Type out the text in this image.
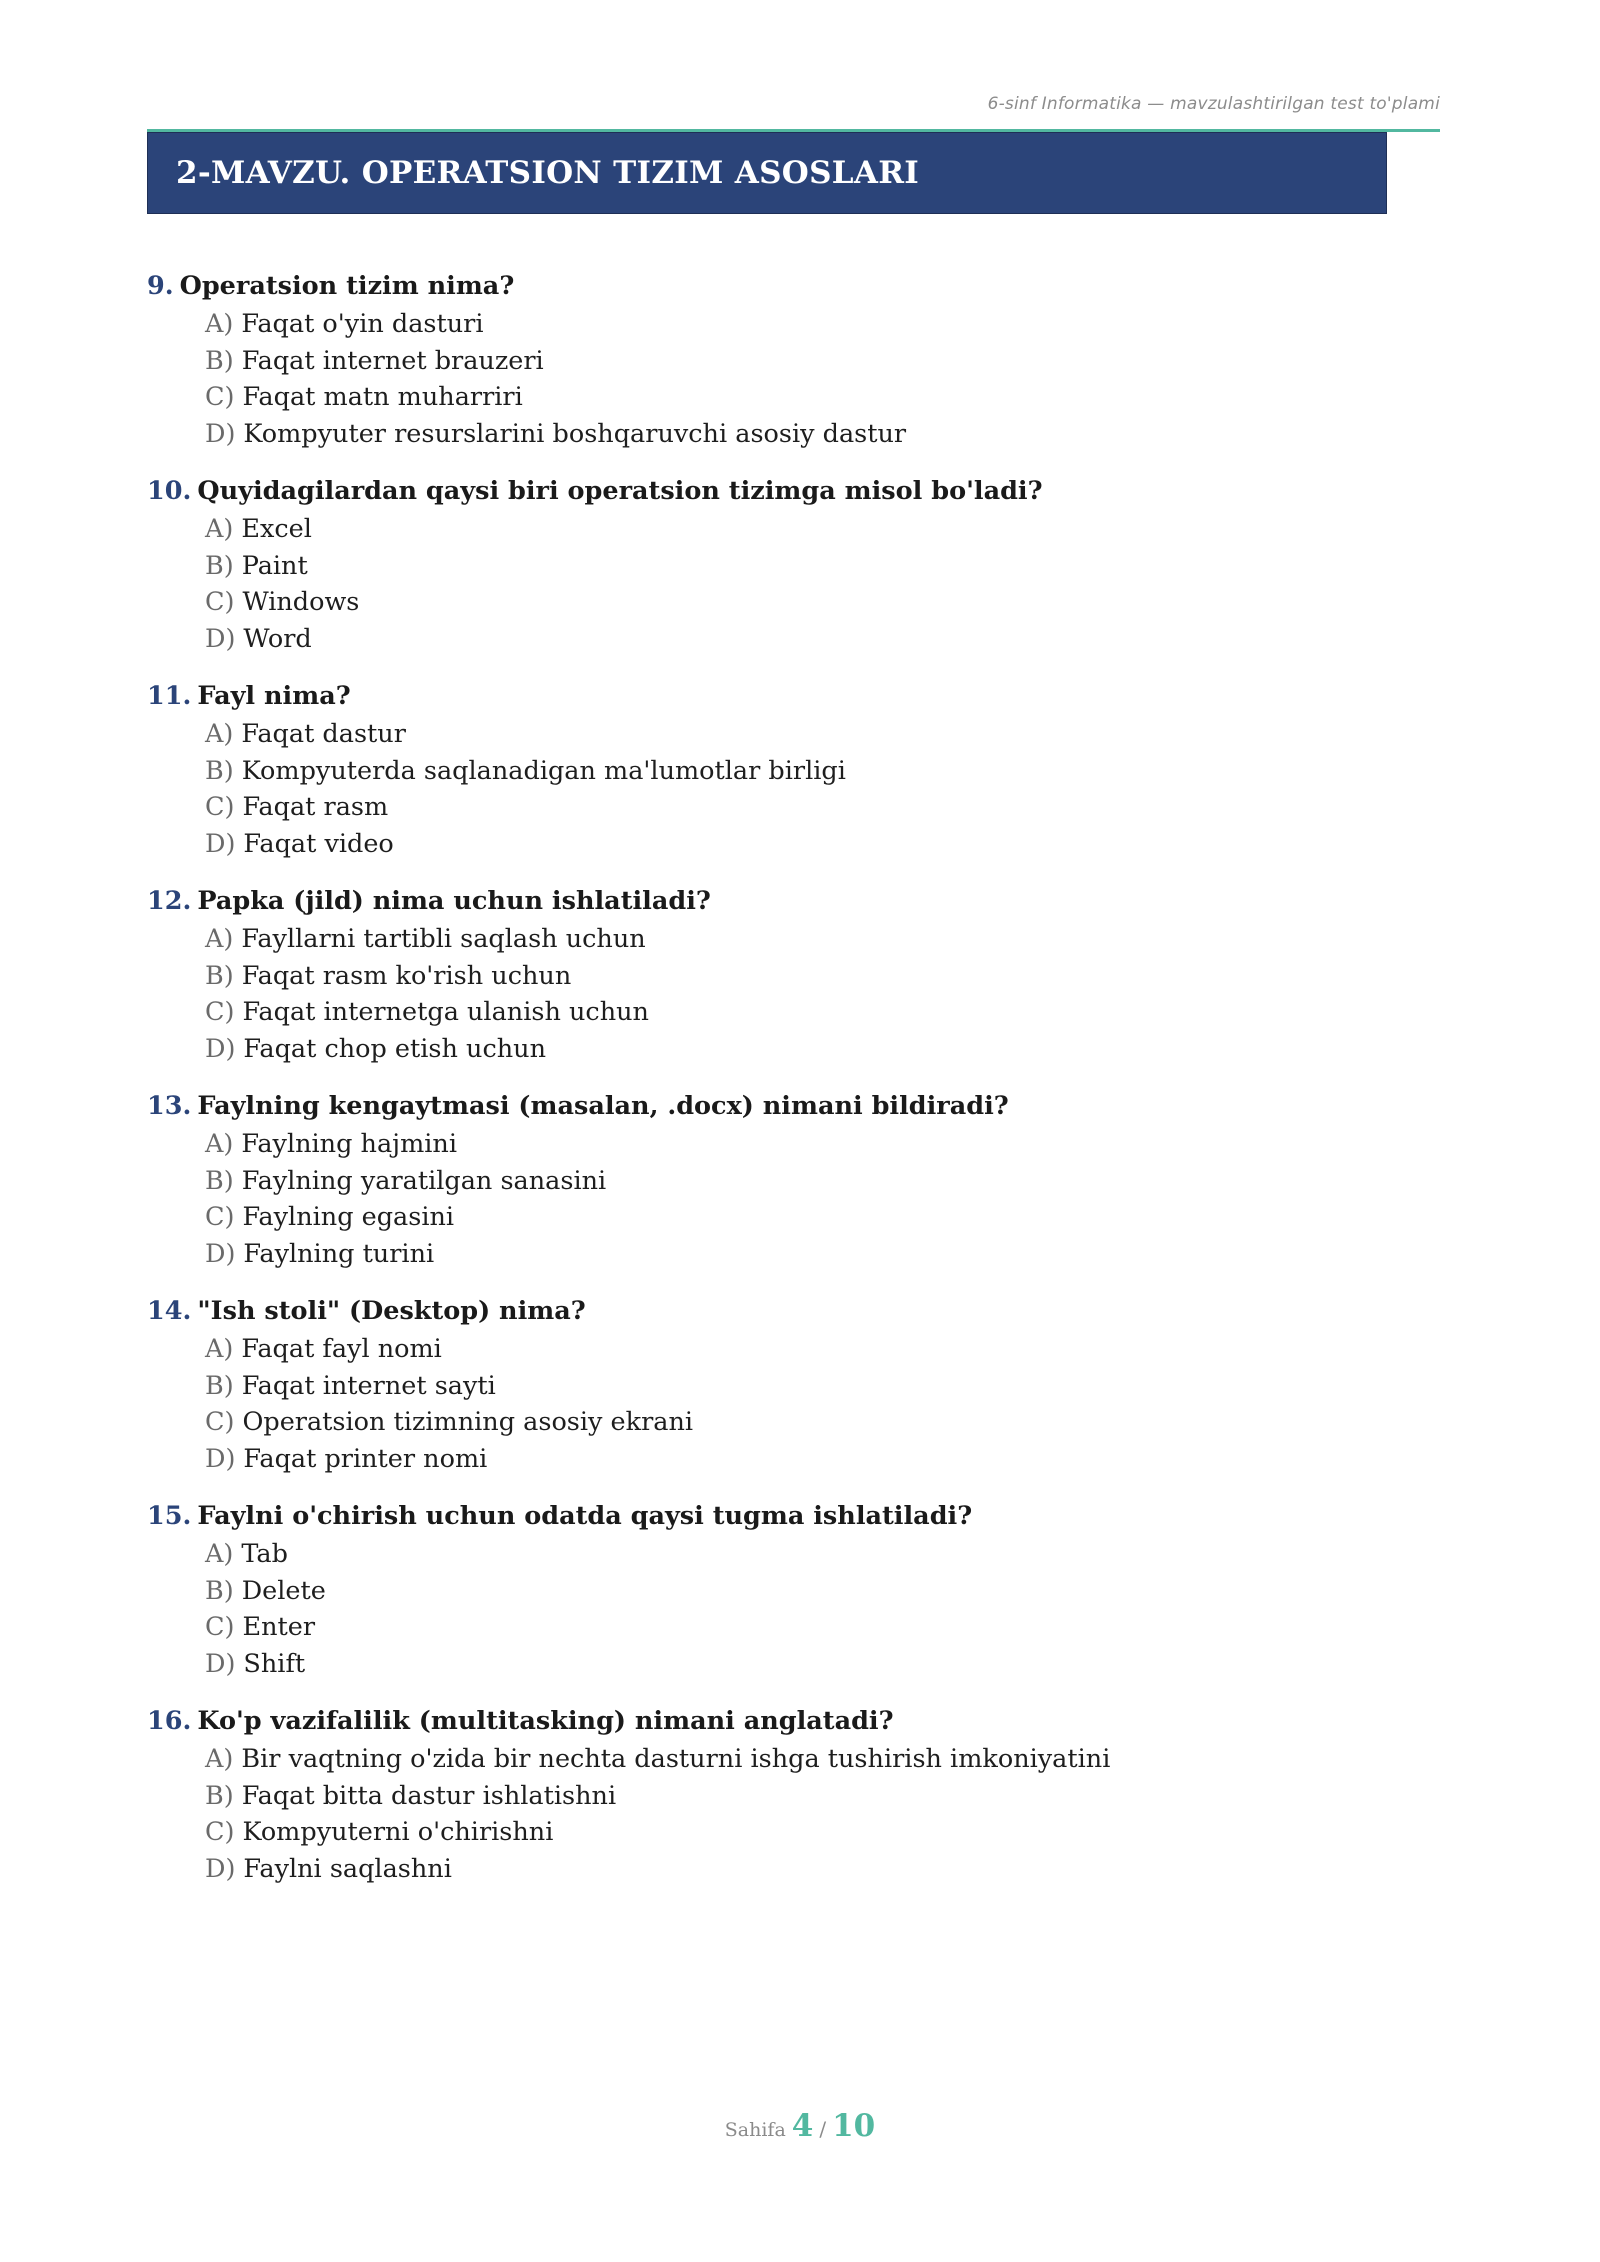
6-sinf Informatika — mavzulashtirilgan test to'plami
2-MAVZU. OPERATSION TIZIM ASOSLARI
9. Operatsion tizim nima?
A) Faqat o'yin dasturi
B) Faqat internet brauzeri
C) Faqat matn muharriri
D) Kompyuter resurslarini boshqaruvchi asosiy dastur
10. Quyidagilardan qaysi biri operatsion tizimga misol bo'ladi?
A) Excel
B) Paint
C) Windows
D) Word
11. Fayl nima?
A) Faqat dastur
B) Kompyuterda saqlanadigan ma'lumotlar birligi
C) Faqat rasm
D) Faqat video
12. Papka (jild) nima uchun ishlatiladi?
A) Fayllarni tartibli saqlash uchun
B) Faqat rasm ko'rish uchun
C) Faqat internetga ulanish uchun
D) Faqat chop etish uchun
13. Faylning kengaytmasi (masalan, .docx) nimani bildiradi?
A) Faylning hajmini
B) Faylning yaratilgan sanasini
C) Faylning egasini
D) Faylning turini
14. "Ish stoli" (Desktop) nima?
A) Faqat fayl nomi
B) Faqat internet sayti
C) Operatsion tizimning asosiy ekrani
D) Faqat printer nomi
15. Faylni o'chirish uchun odatda qaysi tugma ishlatiladi?
A) Tab
B) Delete
C) Enter
D) Shift
16. Ko'p vazifalilik (multitasking) nimani anglatadi?
A) Bir vaqtning o'zida bir nechta dasturni ishga tushirish imkoniyatini
B) Faqat bitta dastur ishlatishni
C) Kompyuterni o'chirishni
D) Faylni saqlashni
Sahifa 4 / 10
